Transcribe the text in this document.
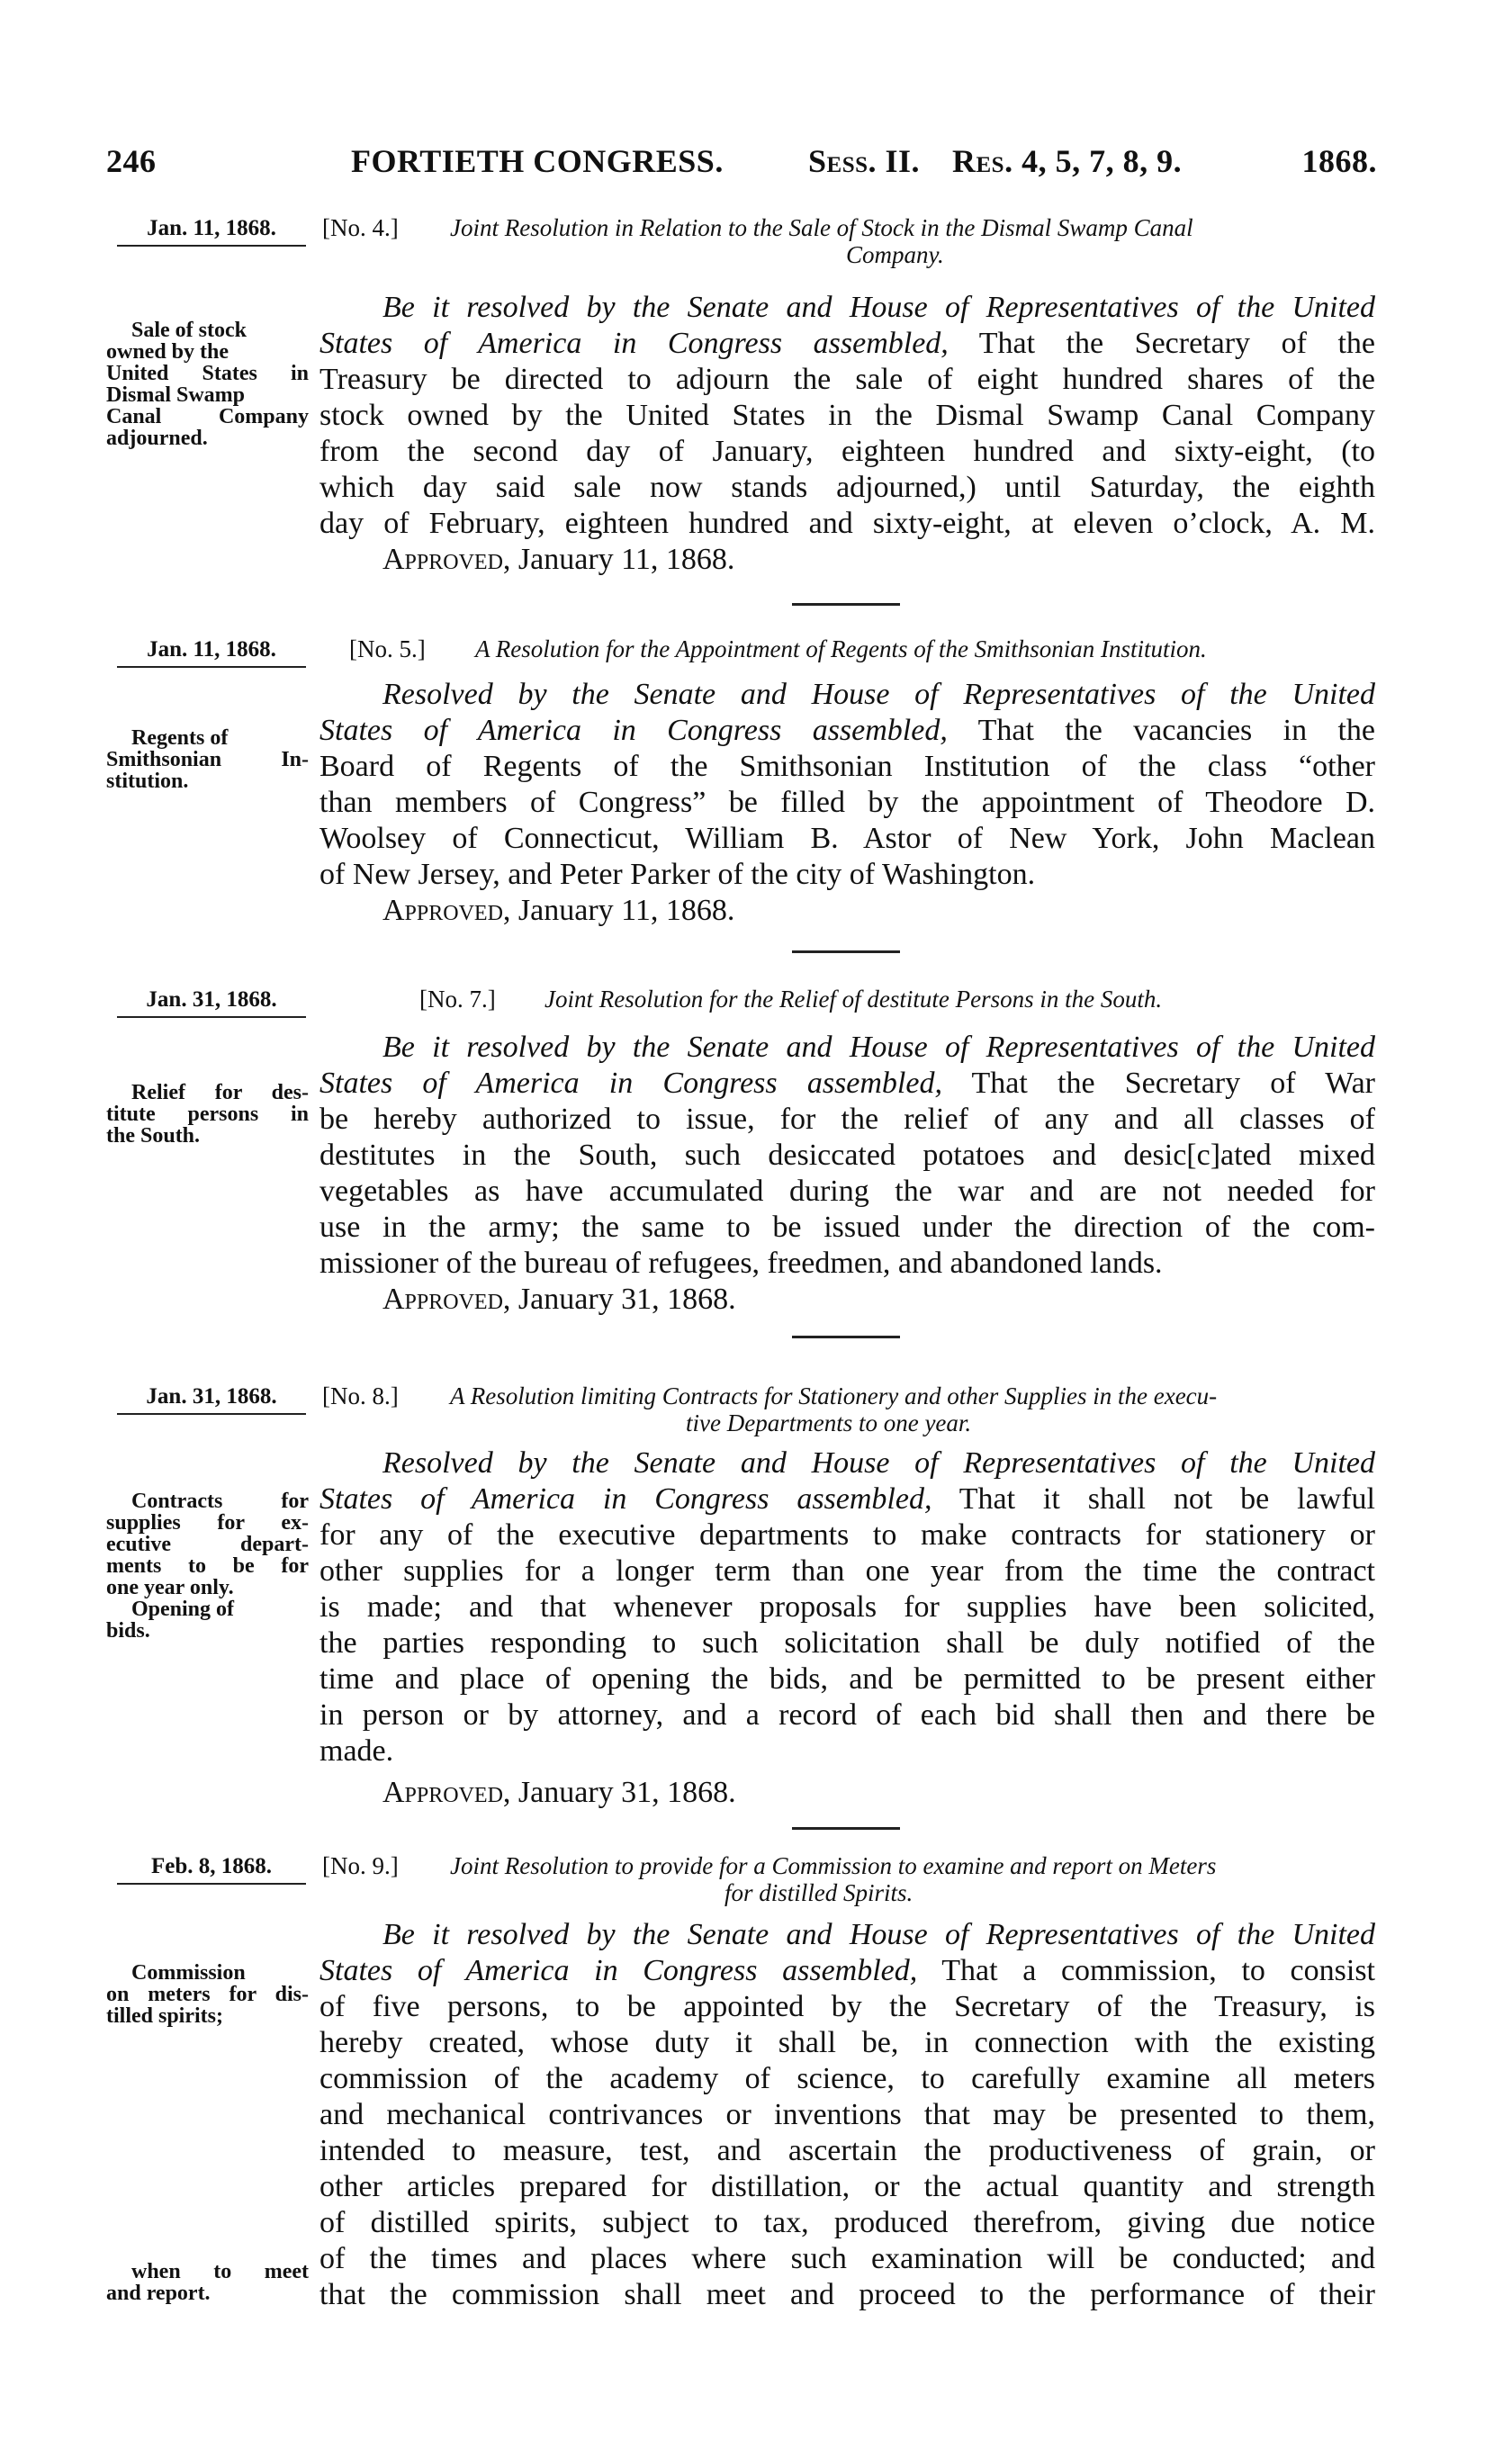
246	FORTIETH CONGRESS.	Sess. II. Res. 4, 5, 7, 8, 9.	1868.
Jan. 11, 1868.	[No. 4.] Joint Resolution in Relation to the Sale of Stock in the Dismal Swamp Canal
Company.
Sale of stock
owned by the
United States in
Dismal Swamp
Canal Company
adjourned.
Be it resolved by the Senate and House of Representatives of the United
States of America in Congress assembled, That the Secretary of the
Treasury be directed to adjourn the sale of eight hundred shares of the
stock owned by the United States in the Dismal Swamp Canal Company
from the second day of January, eighteen hundred and sixty-eight, (to
which day said sale now stands adjourned,) until Saturday, the eighth
day of February, eighteen hundred and sixty-eight, at eleven o’clock, A. M.
Approved, January 11, 1868.
Jan. 11, 1868.	[No. 5.] A Resolution for the Appointment of Regents of the Smithsonian Institution.
Regents of
Smithsonian In-
stitution.
Resolved by the Senate and House of Representatives of the United
States of America in Congress assembled, That the vacancies in the
Board of Regents of the Smithsonian Institution of the class “other
than members of Congress” be filled by the appointment of Theodore D.
Woolsey of Connecticut, William B. Astor of New York, John Maclean
of New Jersey, and Peter Parker of the city of Washington.
Approved, January 11, 1868.
Jan. 31, 1868.	[No. 7.] Joint Resolution for the Relief of destitute Persons in the South.
Relief for des-
titute persons in
the South.
Be it resolved by the Senate and House of Representatives of the United
States of America in Congress assembled, That the Secretary of War
be hereby authorized to issue, for the relief of any and all classes of
destitutes in the South, such desiccated potatoes and desic[c]ated mixed
vegetables as have accumulated during the war and are not needed for
use in the army; the same to be issued under the direction of the com-
missioner of the bureau of refugees, freedmen, and abandoned lands.
Approved, January 31, 1868.
Jan. 31, 1868.	[No. 8.] A Resolution limiting Contracts for Stationery and other Supplies in the execu-
tive Departments to one year.
Contracts for
supplies for ex-
ecutive depart-
ments to be for
one year only.
Opening of
bids.
Resolved by the Senate and House of Representatives of the United
States of America in Congress assembled, That it shall not be lawful
for any of the executive departments to make contracts for stationery or
other supplies for a longer term than one year from the time the contract
is made; and that whenever proposals for supplies have been solicited,
the parties responding to such solicitation shall be duly notified of the
time and place of opening the bids, and be permitted to be present either
in person or by attorney, and a record of each bid shall then and there be
made.
Approved, January 31, 1868.
Feb. 8, 1868.	[No. 9.] Joint Resolution to provide for a Commission to examine and report on Meters
for distilled Spirits.
Commission
on meters for dis-
tilled spirits;
when to meet
and report.
Be it resolved by the Senate and House of Representatives of the United
States of America in Congress assembled, That a commission, to consist
of five persons, to be appointed by the Secretary of the Treasury, is
hereby created, whose duty it shall be, in connection with the existing
commission of the academy of science, to carefully examine all meters
and mechanical contrivances or inventions that may be presented to them,
intended to measure, test, and ascertain the productiveness of grain, or
other articles prepared for distillation, or the actual quantity and strength
of distilled spirits, subject to tax, produced therefrom, giving due notice
of the times and places where such examination will be conducted; and
that the commission shall meet and proceed to the performance of their
